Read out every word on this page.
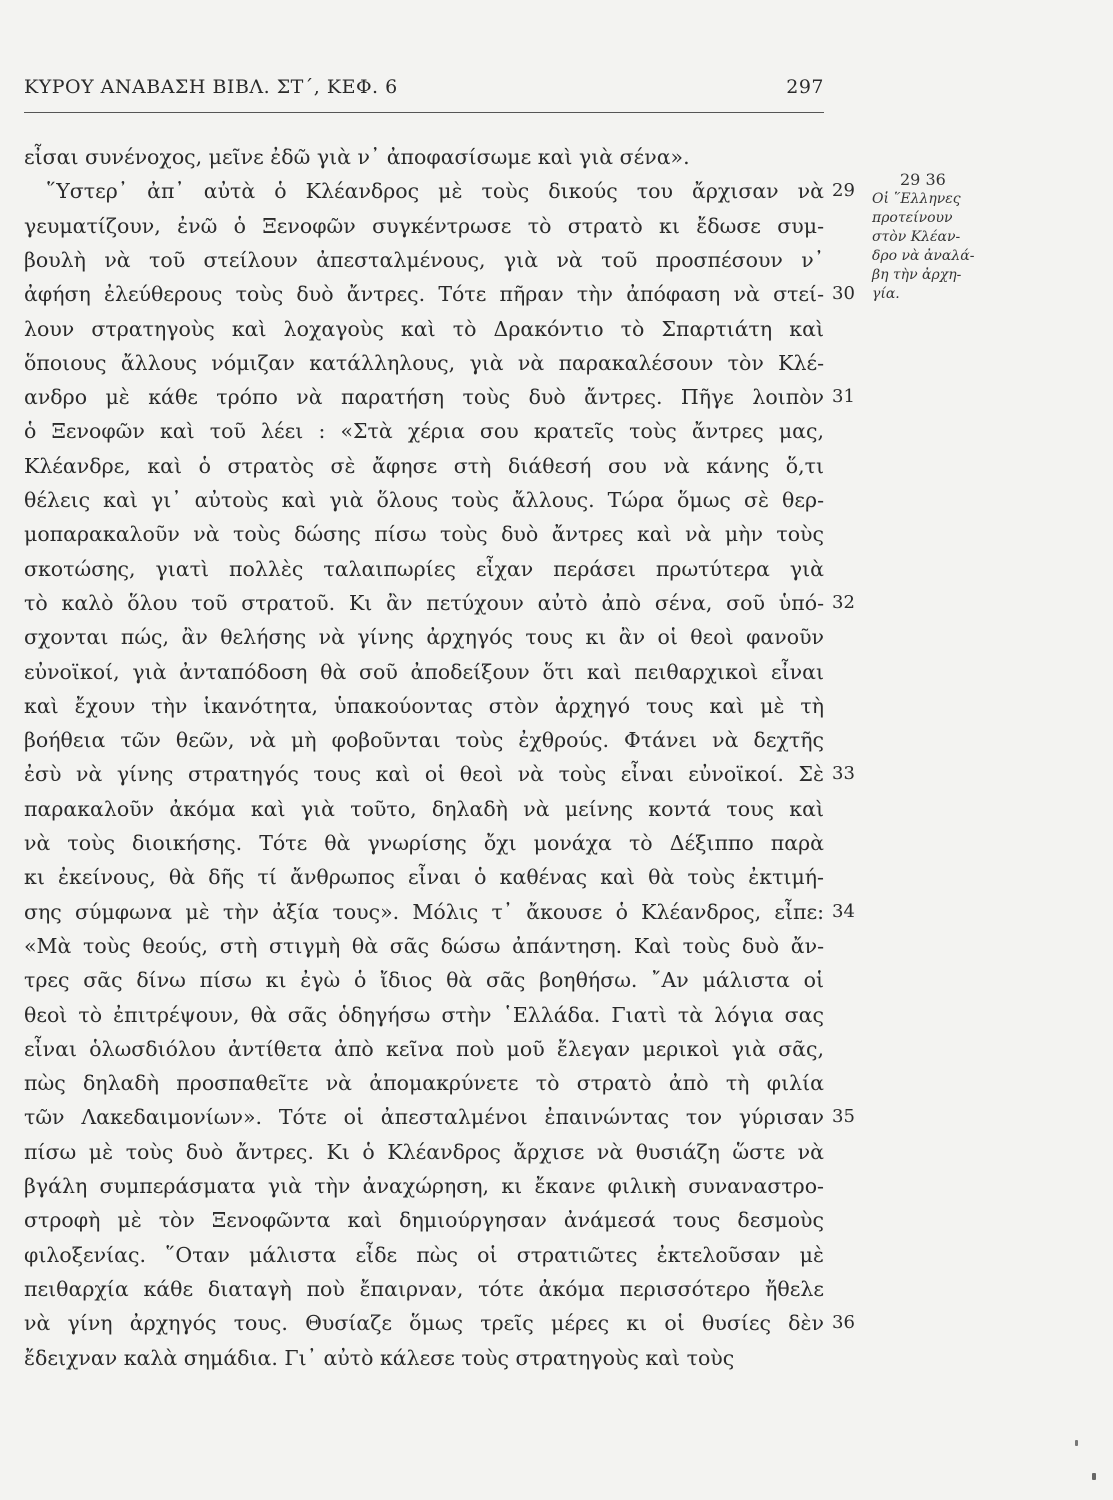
ΚΥΡΟΥ ΑΝΑΒΑΣΗ ΒΙΒΛ. ΣΤ΄, ΚΕΦ. 6	297
εἶσαι συνένοχος, μεῖνε ἐδῶ γιὰ ν᾿ ἀποφασίσωμε καὶ γιὰ σένα».
῞Υστερ᾿ ἀπ᾿ αὐτὰ ὁ Κλέανδρος μὲ τοὺς δικούς του ἄρχισαν νὰ
γευματίζουν, ἐνῶ ὁ Ξενοφῶν συγκέντρωσε τὸ στρατὸ κι ἔδωσε συμ-
βουλὴ νὰ τοῦ στείλουν ἀπεσταλμένους, γιὰ νὰ τοῦ προσπέσουν ν᾿
ἀφήση ἐλεύθερους τοὺς δυὸ ἄντρες. Τότε πῆραν τὴν ἀπόφαση νὰ στεί-
λουν στρατηγοὺς καὶ λοχαγοὺς καὶ τὸ Δρακόντιο τὸ Σπαρτιάτη καὶ
ὅποιους ἄλλους νόμιζαν κατάλληλους, γιὰ νὰ παρακαλέσουν τὸν Κλέ-
ανδρο μὲ κάθε τρόπο νὰ παρατήση τοὺς δυὸ ἄντρες. Πῆγε λοιπὸν
ὁ Ξενοφῶν καὶ τοῦ λέει : «Στὰ χέρια σου κρατεῖς τοὺς ἄντρες μας,
Κλέανδρε, καὶ ὁ στρατὸς σὲ ἄφησε στὴ διάθεσή σου νὰ κάνης ὅ,τι
θέλεις καὶ γι᾿ αὐτοὺς καὶ γιὰ ὅλους τοὺς ἄλλους. Τώρα ὅμως σὲ θερ-
μοπαρακαλοῦν νὰ τοὺς δώσης πίσω τοὺς δυὸ ἄντρες καὶ νὰ μὴν τοὺς
σκοτώσης, γιατὶ πολλὲς ταλαιπωρίες εἶχαν περάσει πρωτύτερα γιὰ
τὸ καλὸ ὅλου τοῦ στρατοῦ. Κι ἂν πετύχουν αὐτὸ ἀπὸ σένα, σοῦ ὑπό-
σχονται πώς, ἂν θελήσης νὰ γίνης ἀρχηγός τους κι ἂν οἱ θεοὶ φανοῦν
εὐνοϊκοί, γιὰ ἀνταπόδοση θὰ σοῦ ἀποδείξουν ὅτι καὶ πειθαρχικοὶ εἶναι
καὶ ἔχουν τὴν ἱκανότητα, ὑπακούοντας στὸν ἀρχηγό τους καὶ μὲ τὴ
βοήθεια τῶν θεῶν, νὰ μὴ φοβοῦνται τοὺς ἐχθρούς. Φτάνει νὰ δεχτῆς
ἐσὺ νὰ γίνης στρατηγός τους καὶ οἱ θεοὶ νὰ τοὺς εἶναι εὐνοϊκοί. Σὲ
παρακαλοῦν ἀκόμα καὶ γιὰ τοῦτο, δηλαδὴ νὰ μείνης κοντά τους καὶ
νὰ τοὺς διοικήσης. Τότε θὰ γνωρίσης ὄχι μονάχα τὸ Δέξιππο παρὰ
κι ἐκείνους, θὰ δῆς τί ἄνθρωπος εἶναι ὁ καθένας καὶ θὰ τοὺς ἐκτιμή-
σης σύμφωνα μὲ τὴν ἀξία τους». Μόλις τ᾿ ἄκουσε ὁ Κλέανδρος, εἶπε:
«Μὰ τοὺς θεούς, στὴ στιγμὴ θὰ σᾶς δώσω ἀπάντηση. Καὶ τοὺς δυὸ ἄν-
τρες σᾶς δίνω πίσω κι ἐγὼ ὁ ἴδιος θὰ σᾶς βοηθήσω. ῎Αν μάλιστα οἱ
θεοὶ τὸ ἐπιτρέψουν, θὰ σᾶς ὁδηγήσω στὴν ῾Ελλάδα. Γιατὶ τὰ λόγια σας
εἶναι ὁλωσδιόλου ἀντίθετα ἀπὸ κεῖνα ποὺ μοῦ ἔλεγαν μερικοὶ γιὰ σᾶς,
πὼς δηλαδὴ προσπαθεῖτε νὰ ἀπομακρύνετε τὸ στρατὸ ἀπὸ τὴ φιλία
τῶν Λακεδαιμονίων». Τότε οἱ ἀπεσταλμένοι ἐπαινώντας τον γύρισαν
πίσω μὲ τοὺς δυὸ ἄντρες. Κι ὁ Κλέανδρος ἄρχισε νὰ θυσιάζη ὥστε νὰ
βγάλη συμπεράσματα γιὰ τὴν ἀναχώρηση, κι ἔκανε φιλικὴ συναναστρο-
στροφὴ μὲ τὸν Ξενοφῶντα καὶ δημιούργησαν ἀνάμεσά τους δεσμοὺς
φιλοξενίας. ῞Οταν μάλιστα εἶδε πὼς οἱ στρατιῶτες ἐκτελοῦσαν μὲ
πειθαρχία κάθε διαταγὴ ποὺ ἔπαιρναν, τότε ἀκόμα περισσότερο ἤθελε
νὰ γίνη ἀρχηγός τους. Θυσίαζε ὅμως τρεῖς μέρες κι οἱ θυσίες δὲν
ἔδειχναν καλὰ σημάδια. Γι᾿ αὐτὸ κάλεσε τοὺς στρατηγοὺς καὶ τοὺς
29
30
31
32
33
34
35
36
29 36
Οἱ ῞Ελληνες
προτείνουν
στὸν Κλέαν-
δρο νὰ ἀναλά-
βη τὴν ἀρχη-
γία.
